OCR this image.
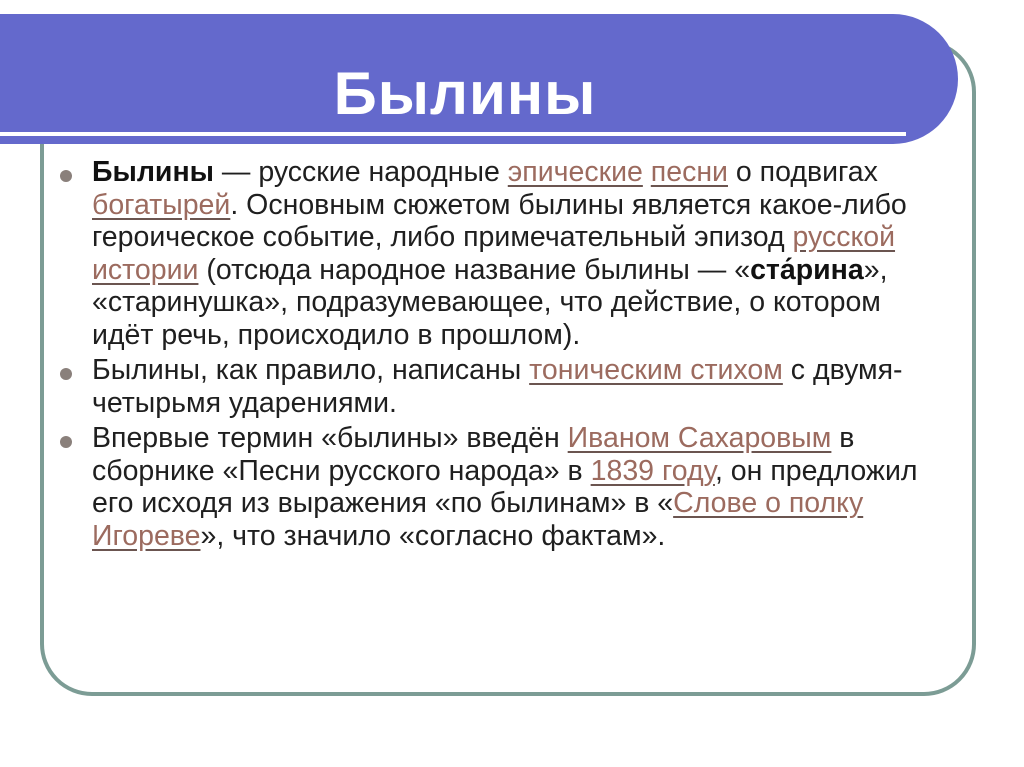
Былины
Былины — русские народные эпические песни о подвигах богатырей. Основным сюжетом былины является какое-либо героическое событие, либо примечательный эпизод русской истории (отсюда народное название былины — «ста́рина», «старинушка», подразумевающее, что действие, о котором идёт речь, происходило в прошлом).
Былины, как правило, написаны тоническим стихом с двумя-четырьмя ударениями.
Впервые термин «былины» введён Иваном Сахаровым в сборнике «Песни русского народа» в 1839 году, он предложил его исходя из выражения «по былинам» в «Слове о полку Игореве», что значило «согласно фактам».
